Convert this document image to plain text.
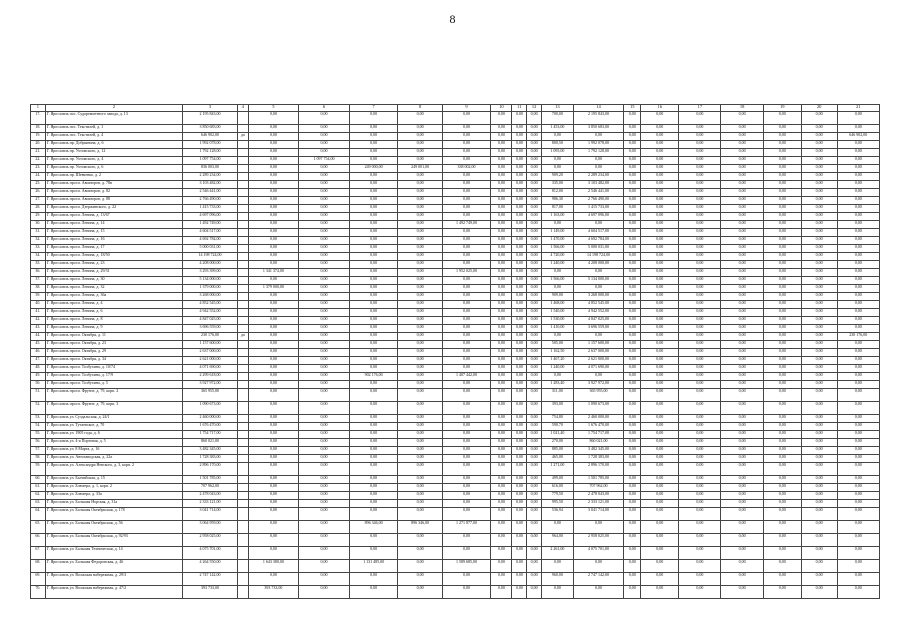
8
1	2	3	4	5	6	7	8	9	10	11	12	13	14	15	16	17	18	19	20	21
17.	Г. Ярославль пос. Судоремонтного завода, д. 13	2 195 843,00		0,00	0,00	0,00	0,00	0,00	0,00	0,00	0,00	700,00	2 195 843,00	0,00	0,00	0,00	0,00	0,00	0,00	0,00
18.	Г. Ярославль пос. Текстилей, д. 1	3 850 683,00		0,00	0,00	0,00	0,00	0,00	0,00	0,00	0,00	1 453,00	3 850 683,00	0,00	0,00	0,00	0,00	0,00	0,00	0,00
19.	Г. Ярославль пос. Текстилей, д. 4	646 902,00	да	0,00	0,00	0,00	0,00	0,00	0,00	0,00	0,00	0,00	0,00	0,00	0,00	0,00	0,00	0,00	0,00	646 902,00
20.	Г. Ярославль пр. Добрынина, д. 6	1 992 078,00		0,00	0,00	0,00	0,00	0,00	0,00	0,00	0,00	800,50	1 992 078,00	0,00	0,00	0,00	0,00	0,00	0,00	0,00
21.	Г. Ярославль пр. Ухтомского, д. 12	1 792 128,00		0,00	0,00	0,00	0,00	0,00	0,00	0,00	0,00	1 095,00	1 792 128,00	0,00	0,00	0,00	0,00	0,00	0,00	0,00
22.	Г. Ярославль пр. Ухтомского, д. 4	1 097 754,00		0,00	1 097 754,00	0,00	0,00	0,00	0,00	0,00	0,00	0,00	0,00	0,00	0,00	0,00	0,00	0,00	0,00	0,00
23.	Г. Ярославль пр. Ухтомского, д. 6	836 003,00		0,00	0,00	249 000,00	249 001,00	338 002,00	0,00	0,00	0,00	0,00	0,00	0,00	0,00	0,00	0,00	0,00	0,00	0,00
24.	Г. Ярославль пр. Шевченко, д. 2	2 289 234,00		0,00	0,00	0,00	0,00	0,00	0,00	0,00	0,00	909,20	2 289 234,00	0,00	0,00	0,00	0,00	0,00	0,00	0,00
25.	Г. Ярославль просп. Авиаторов, д. 78в	3 103 482,00		0,00	0,00	0,00	0,00	0,00	0,00	0,00	0,00	335,00	3 103 482,00	0,00	0,00	0,00	0,00	0,00	0,00	0,00
26.	Г. Ярославль просп. Авиаторов, д. 82	2 546 441,00		0,00	0,00	0,00	0,00	0,00	0,00	0,00	0,00	812,00	2 546 441,00	0,00	0,00	0,00	0,00	0,00	0,00	0,00
27.	Г. Ярославль просп. Авиаторов, д. 88	2 766 490,00		0,00	0,00	0,00	0,00	0,00	0,00	0,00	0,00	986,30	2 766 490,00	0,00	0,00	0,00	0,00	0,00	0,00	0,00
28.	Г. Ярославль просп. Дзержинского, д. 22	1 415 733,00		0,00	0,00	0,00	0,00	0,00	0,00	0,00	0,00	817,00	1 415 733,00	0,00	0,00	0,00	0,00	0,00	0,00	0,00
29.	Г. Ярославль просп. Ленина, д. 13/67	4 697 096,00		0,00	0,00	0,00	0,00	0,00	0,00	0,00	0,00	1 163,00	4 697 096,00	0,00	0,00	0,00	0,00	0,00	0,00	0,00
30.	Г. Ярославль просп. Ленина, д. 14	1 492 749,00		0,00	0,00	0,00	0,00	1 492 749,00	0,00	0,00	0,00	0,00	0,00	0,00	0,00	0,00	0,00	0,00	0,00	0,00
31.	Г. Ярославль просп. Ленина, д. 15	4 604 517,00		0,00	0,00	0,00	0,00	0,00	0,00	0,00	0,00	1 149,00	4 604 517,00	0,00	0,00	0,00	0,00	0,00	0,00	0,00
32.	Г. Ярославль просп. Ленина, д. 16	4 692 784,00		0,00	0,00	0,00	0,00	0,00	0,00	0,00	0,00	1 470,00	4 692 784,00	0,00	0,00	0,00	0,00	0,00	0,00	0,00
33.	Г. Ярославль просп. Ленина, д. 17	5 000 031,00		0,00	0,00	0,00	0,00	0,00	0,00	0,00	0,00	1 566,00	5 000 031,00	0,00	0,00	0,00	0,00	0,00	0,00	0,00
34.	Г. Ярославль просп. Ленина, д. 18/50	14 198 724,00		0,00	0,00	0,00	0,00	0,00	0,00	0,00	0,00	4 720,00	14 198 724,00	0,00	0,00	0,00	0,00	0,00	0,00	0,00
35.	Г. Ярославль просп. Ленина, д. 23	4 208 000,00		0,00	0,00	0,00	0,00	0,00	0,00	0,00	0,00	1 240,00	4 208 000,00	0,00	0,00	0,00	0,00	0,00	0,00	0,00
36.	Г. Ярославль просп. Ленина, д. 29/31	3 293 399,00		1 341 374,00	0,00	0,00	0,00	1 952 025,00	0,00	0,00	0,00	0,00	0,00	0,00	0,00	0,00	0,00	0,00	0,00	0,00
37.	Г. Ярославль просп. Ленина, д. 30	5 134 000,00		0,00	0,00	0,00	0,00	0,00	0,00	0,00	0,00	1 566,00	5 134 000,00	0,00	0,00	0,00	0,00	0,00	0,00	0,00
38.	Г. Ярославль просп. Ленина, д. 32	1 379 000,00		1 379 000,00	0,00	0,00	0,00	0,00	0,00	0,00	0,00	0,00	0,00	0,00	0,00	0,00	0,00	0,00	0,00	0,00
39.	Г. Ярославль просп. Ленина, д. 36а	3 268 000,00		0,00	0,00	0,00	0,00	0,00	0,00	0,00	0,00	909,00	3 268 000,00	0,00	0,00	0,00	0,00	0,00	0,00	0,00
40.	Г. Ярославль просп. Ленина, д. 4	4 852 545,00		0,00	0,00	0,00	0,00	0,00	0,00	0,00	0,00	1 468,00	4 852 545,00	0,00	0,00	0,00	0,00	0,00	0,00	0,00
41.	Г. Ярославль просп. Ленина, д. 6	4 942 552,00		0,00	0,00	0,00	0,00	0,00	0,00	0,00	0,00	1 540,00	4 942 552,00	0,00	0,00	0,00	0,00	0,00	0,00	0,00
42.	Г. Ярославль просп. Ленина, д. 8	4 847 025,00		0,00	0,00	0,00	0,00	0,00	0,00	0,00	0,00	1 530,00	4 847 025,00	0,00	0,00	0,00	0,00	0,00	0,00	0,00
43.	Г. Ярославль просп. Ленина, д. 9	3 696 559,00		0,00	0,00	0,00	0,00	0,00	0,00	0,00	0,00	1 410,00	3 696 559,00	0,00	0,00	0,00	0,00	0,00	0,00	0,00
44.	Г. Ярославль просп. Октября, д. 11	230 176,00	да	0,00	0,00	0,00	0,00	0,00	0,00	0,00	0,00	0,00	0,00	0,00	0,00	0,00	0,00	0,00	0,00	230 176,00
45.	Г. Ярославль просп. Октября, д. 23	1 157 600,00		0,00	0,00	0,00	0,00	0,00	0,00	0,00	0,00	505,00	1 157 600,00	0,00	0,00	0,00	0,00	0,00	0,00	0,00
46.	Г. Ярославль просп. Октября, д. 29	2 637 000,00		0,00	0,00	0,00	0,00	0,00	0,00	0,00	0,00	1 162,50	2 637 000,00	0,00	0,00	0,00	0,00	0,00	0,00	0,00
47.	Г. Ярославль просп. Октября, д. 34	2 621 000,00		0,00	0,00	0,00	0,00	0,00	0,00	0,00	0,00	1 467,20	2 621 000,00	0,00	0,00	0,00	0,00	0,00	0,00	0,00
48.	Г. Ярославль просп. Толбухина, д. 10/74	4 071 690,00		0,00	0,00	0,00	0,00	0,00	0,00	0,00	0,00	1 240,00	4 071 690,00	0,00	0,00	0,00	0,00	0,00	0,00	0,00
49.	Г. Ярославль просп. Толбухина, д. 17/9	2 299 618,00		0,00	0,00	902 176,00	0,00	1 407 442,00	0,00	0,00	0,00	0,00	0,00	0,00	0,00	0,00	0,00	0,00	0,00	0,00
50.	Г. Ярославль просп. Толбухина, д. 5	3 927 972,00		0,00	0,00	0,00	0,00	0,00	0,00	0,00	0,00	1 283,40	3 927 972,00	0,00	0,00	0,00	0,00	0,00	0,00	0,00
51.	Г. Ярославль просп. Фрунзе, д. 79, корп. 2	365 955,00		0,00	0,00	0,00	0,00	0,00	0,00	0,00	0,00	311,00	365 955,00	0,00	0,00	0,00	0,00	0,00	0,00	0,00
52.	Г. Ярославль просп. Фрунзе, д. 79, корп. 3	1 090 673,00		0,00	0,00	0,00	0,00	0,00	0,00	0,00	0,00	393,00	1 090 673,00	0,00	0,00	0,00	0,00	0,00	0,00	0,00
53.	Г. Ярославль ул. Суздальская, д. 24/1	2 460 000,00		0,00	0,00	0,00	0,00	0,00	0,00	0,00	0,00	754,80	2 460 000,00	0,00	0,00	0,00	0,00	0,00	0,00	0,00
54.	Г. Ярославль ул. Тутаевское, д. 70	1 676 470,00		0,00	0,00	0,00	0,00	0,00	0,00	0,00	0,00	590,70	1 676 470,00	0,00	0,00	0,00	0,00	0,00	0,00	0,00
55.	Г. Ярославль ул. 1905 года, д. 6	1 754 717,00		0,00	0,00	0,00	0,00	0,00	0,00	0,00	0,00	1 021,40	1 754 717,00	0,00	0,00	0,00	0,00	0,00	0,00	0,00
56.	Г. Ярославль ул. 4-я Портовая, д. 5	860 021,00		0,00	0,00	0,00	0,00	0,00	0,00	0,00	0,00	270,00	860 021,00	0,00	0,00	0,00	0,00	0,00	0,00	0,00
57.	Г. Ярославль ул. 8 Марта, д. 16	3 482 345,00		0,00	0,00	0,00	0,00	0,00	0,00	0,00	0,00	885,00	3 482 345,00	0,00	0,00	0,00	0,00	0,00	0,00	0,00
58.	Г. Ярославль ул. Автозаводская, д. 22а	1 728 383,00		0,00	0,00	0,00	0,00	0,00	0,00	0,00	0,00	465,00	1 728 383,00	0,00	0,00	0,00	0,00	0,00	0,00	0,00
59.	Г. Ярославль ул. Александра Невского, д. 3, корп. 2	2 896 170,00		0,00	0,00	0,00	0,00	0,00	0,00	0,00	0,00	1 271,00	2 896 170,00	0,00	0,00	0,00	0,00	0,00	0,00	0,00
60.	Г. Ярославль ул. Балтийская, д. 15	1 501 785,00		0,00	0,00	0,00	0,00	0,00	0,00	0,00	0,00	499,00	1 501 785,00	0,00	0,00	0,00	0,00	0,00	0,00	0,00
61.	Г. Ярославль ул. Блюхера, д. 1, корп. 2	707 962,00		0,00	0,00	0,00	0,00	0,00	0,00	0,00	0,00	616,00	707 962,00	0,00	0,00	0,00	0,00	0,00	0,00	0,00
62.	Г. Ярославль ул. Блюхера, д. 33а	2 478 043,00		0,00	0,00	0,00	0,00	0,00	0,00	0,00	0,00	779,50	2 478 043,00	0,00	0,00	0,00	0,00	0,00	0,00	0,00
63.	Г. Ярославль ул. Большая Норская, д. 31а	2 333 121,00		0,00	0,00	0,00	0,00	0,00	0,00	0,00	0,00	995,50	2 333 121,00	0,00	0,00	0,00	0,00	0,00	0,00	0,00
64.	Г. Ярославль ул. Большая Октябрьская, д. 178	3 041 714,00		0,00	0,00	0,00	0,00	0,00	0,00	0,00	0,00	536,94	3 041 714,00	0,00	0,00	0,00	0,00	0,00	0,00	0,00
65.	Г. Ярославль ул. Большая Октябрьская, д. 56	3 064 959,00		0,00	0,00	896 346,00	896 346,00	1 271 877,00	0,00	0,00	0,00	0,00	0,00	0,00	0,00	0,00	0,00	0,00	0,00	0,00
66.	Г. Ярославль ул. Большая Октябрьская, д. 92/93	2 958 025,00		0,00	0,00	0,00	0,00	0,00	0,00	0,00	0,00	964,00	2 958 025,00	0,00	0,00	0,00	0,00	0,00	0,00	0,00
67.	Г. Ярославль ул. Большая Техническая, д. 14	4 075 701,00		0,00	0,00	0,00	0,00	0,00	0,00	0,00	0,00	2 261,00	4 075 701,00	0,00	0,00	0,00	0,00	0,00	0,00	0,00
68.	Г. Ярославль ул. Большая Федоровская, д. 46	4 264 550,00		1 643 380,00	0,00	1 131 485,00	0,00	1 589 685,00	0,00	0,00	0,00	0,00	0,00	0,00	0,00	0,00	0,00	0,00	0,00	0,00
69.	Г. Ярославль ул. Волжская набережная, д. 29/3	2 747 142,00		0,00	0,00	0,00	0,00	0,00	0,00	0,00	0,00	960,00	2 747 142,00	0,00	0,00	0,00	0,00	0,00	0,00	0,00
70.	Г. Ярославль ул. Волжская набережная, д. 47/2	393 733,00		393 733,00	0,00	0,00	0,00	0,00	0,00	0,00	0,00	0,00	0,00	0,00	0,00	0,00	0,00	0,00	0,00	0,00
